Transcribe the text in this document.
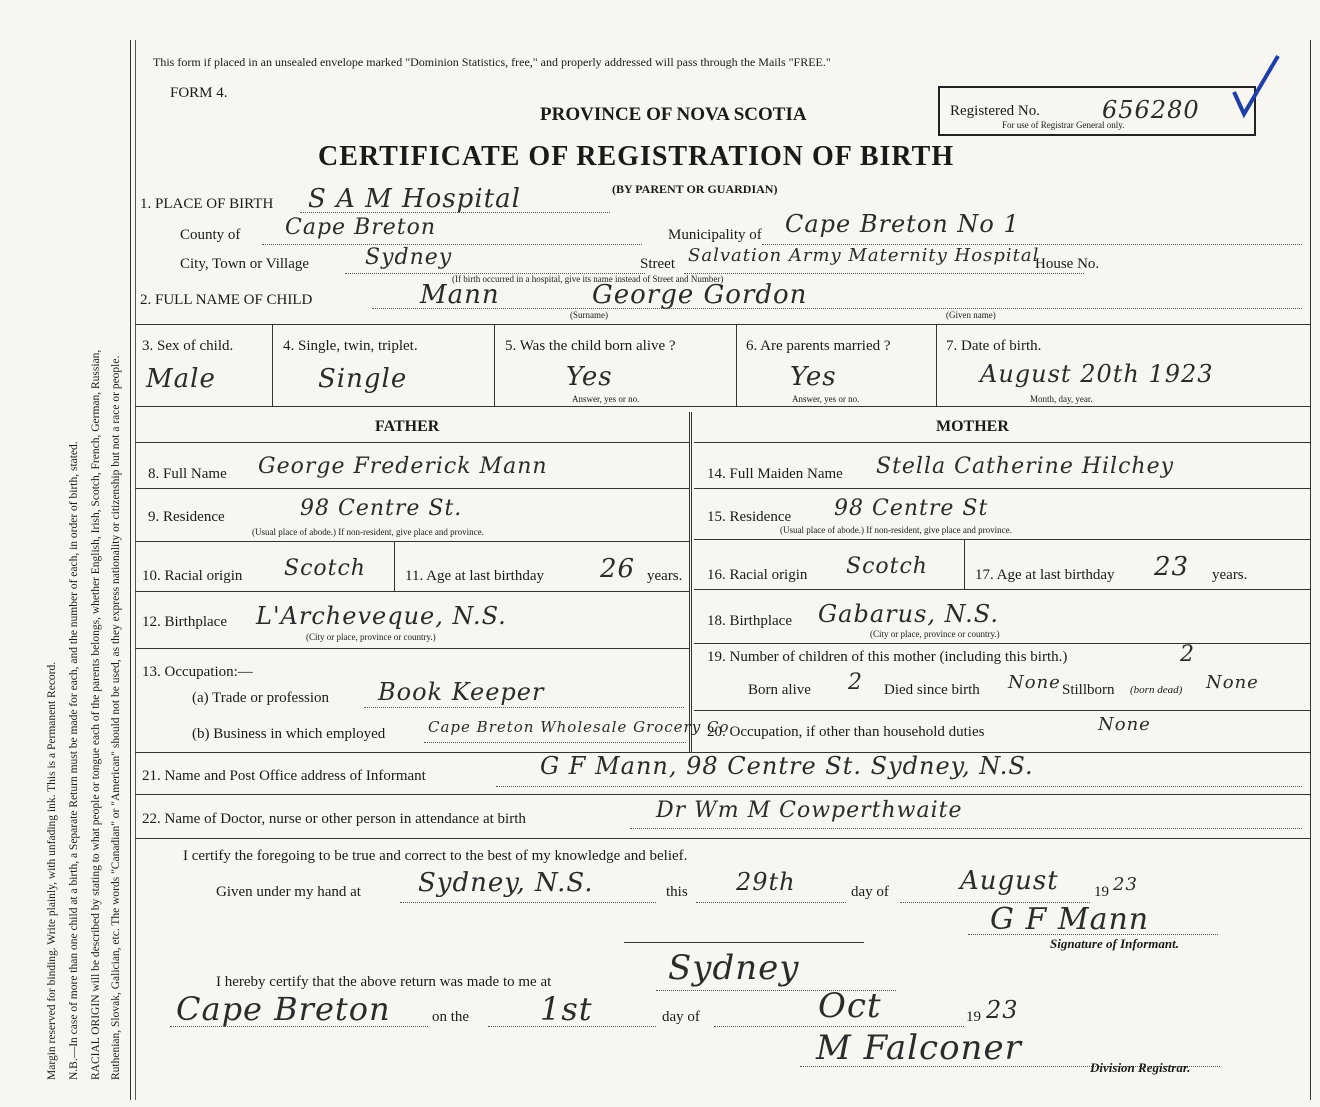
Margin reserved for binding. Write plainly, with unfading ink. This is a Permanent Record. N.B.—In case of more than one child at a birth, a Separate Return must be made for each, and the number of each, in order of birth, stated. RACIAL ORIGIN will be described by stating to what people or tongue each of the parents belongs, whether English, Irish, Scotch, French, German, Russian, Ruthenian, Slovak, Galician, etc. The words "Canadian" or "American" should not be used, as they express nationality or citizenship but not a race or people.
This form if placed in an unsealed envelope marked "Dominion Statistics, free," and properly addressed will pass through the Mails "FREE."
FORM 4.
PROVINCE OF NOVA SCOTIA
CERTIFICATE OF REGISTRATION OF BIRTH
(BY PARENT OR GUARDIAN)
Registered No.	656280
For use of Registrar General only.
1. PLACE OF BIRTH S A M Hospital
County of Cape Breton	Municipality of Cape Breton No 1
City, Town or Village	Sydney	Street Salvation Army Maternity Hospital
House No.
(If birth occurred in a hospital, give its name instead of Street and Number)
2. FULL NAME OF CHILD	Mann	George Gordon
(Surname)	(Given name)
3. Sex of child.
Male
4. Single, twin, triplet.
Single
5. Was the child born alive ?
Yes
Answer, yes or no.
6. Are parents married ?
Yes
Answer, yes or no.
7. Date of birth.
August 20th 1923
Month, day, year.
FATHER
8. Full Name George Frederick Mann
9. Residence	98 Centre St.
(Usual place of abode.) If non-resident, give place and province.
10. Racial origin Scotch	11. Age at last birthday 26 years.
12. Birthplace L'Archeveque, N.S.
(City or place, province or country.)
13. Occupation:—
(a) Trade or profession Book Keeper
(b) Business in which employed	Cape Breton Wholesale Grocery Co
MOTHER
14. Full Maiden Name Stella Catherine Hilchey
15. Residence 98 Centre St
(Usual place of abode.) If non-resident, give place and province.
16. Racial origin Scotch	17. Age at last birthday 23 years.
18. Birthplace Gabarus, N.S.
(City or place, province or country.)
19. Number of children of this mother (including this birth.)	2
Born alive 2 Died since birth None Stillborn (born dead) None
20. Occupation, if other than household duties	None
21. Name and Post Office address of Informant	G F Mann, 98 Centre St. Sydney, N.S.
22. Name of Doctor, nurse or other person in attendance at birth	Dr Wm M Cowperthwaite
I certify the foregoing to be true and correct to the best of my knowledge and belief.
Given under my hand at Sydney, N.S.	this 29th	day of	August 19 23
G F Mann
Signature of Informant.
I hereby certify that the above return was made to me at	Sydney
Cape Breton	on the 1st	day of	Oct	19 23
M Falconer	Division Registrar.
